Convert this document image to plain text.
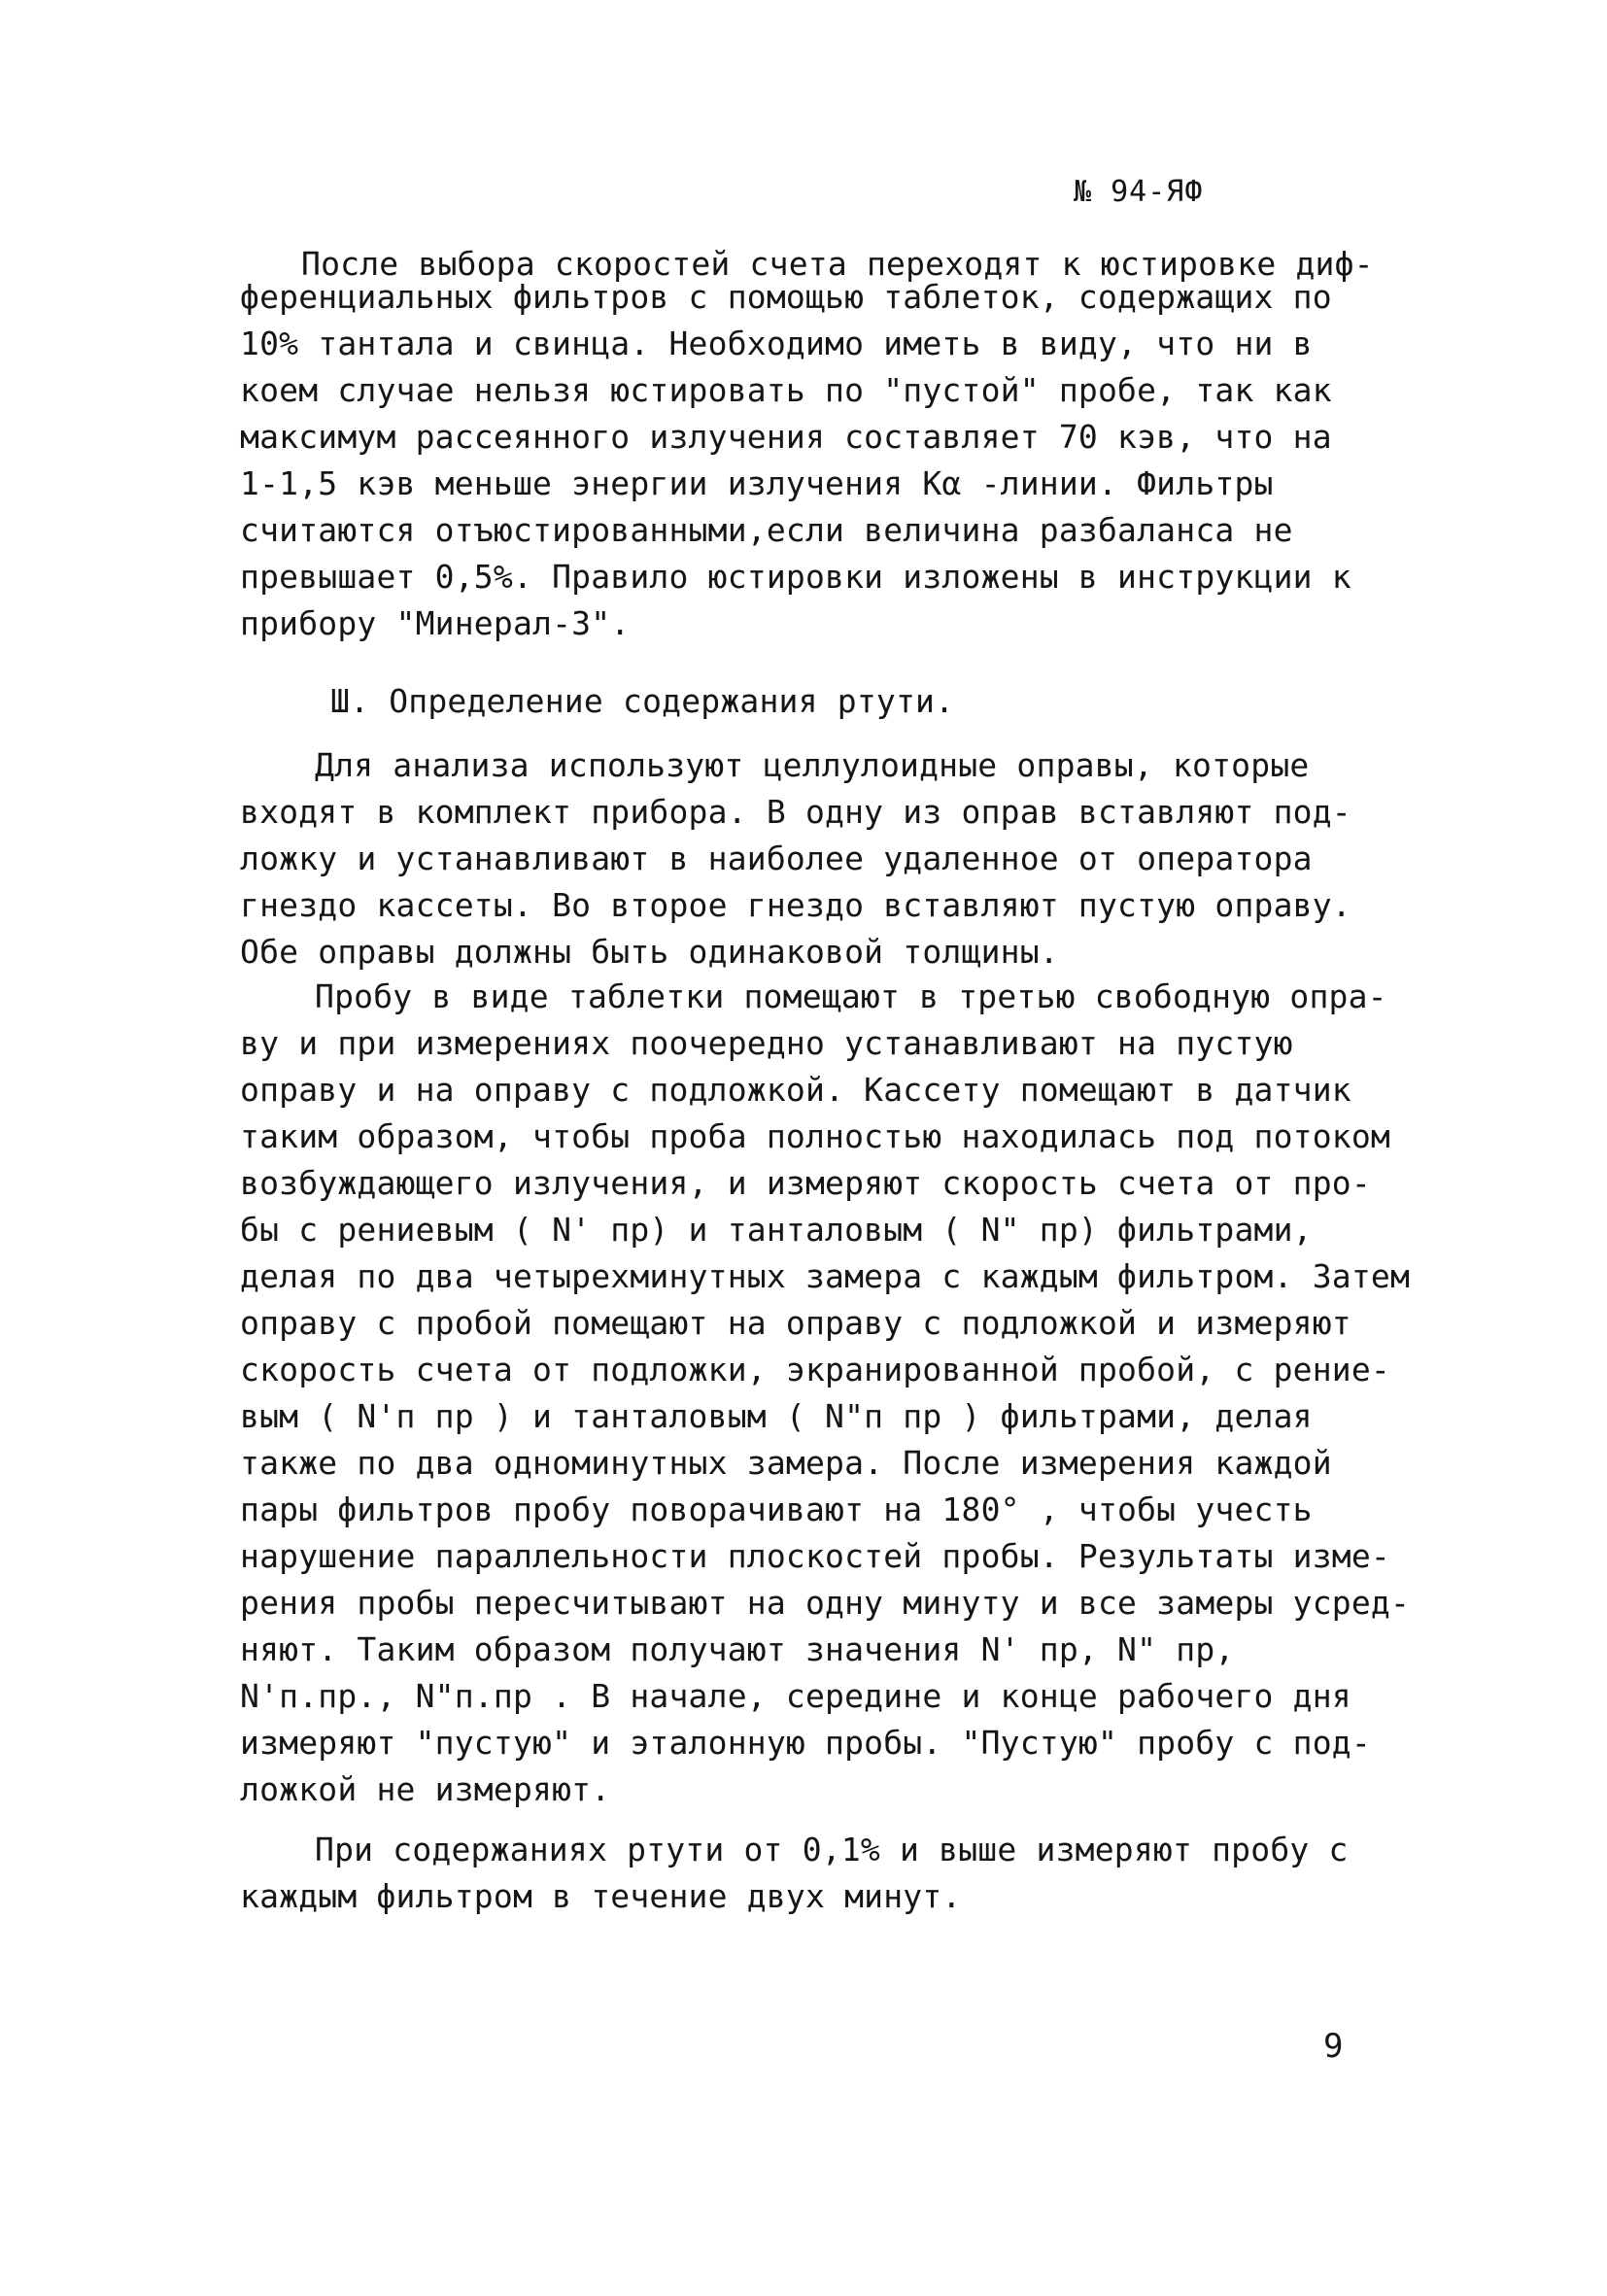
№ 94-ЯФ
После выбора скоростей счета переходят к юстировке диф-
ференциальных фильтров с помощью таблеток, содержащих по
10% тантала и свинца. Необходимо иметь в виду, что ни в
коем случае нельзя юстировать по "пустой" пробе, так как
максимум рассеянного излучения составляет 70 кэв, что на
1-1,5 кэв меньше энергии излучения Kα -линии. Фильтры
считаются отъюстированными,если величина разбаланса не
превышает 0,5%. Правило юстировки изложены в инструкции к
прибору "Минерал-3".
Ш. Определение содержания ртути.
Для анализа используют целлулоидные оправы, которые
входят в комплект прибора. В одну из оправ вставляют под-
ложку и устанавливают в наиболее удаленное от оператора
гнездо кассеты. Во второе гнездо вставляют пустую оправу.
Обе оправы должны быть одинаковой толщины.
Пробу в виде таблетки помещают в третью свободную опра-
ву и при измерениях поочередно устанавливают на пустую
оправу и на оправу с подложкой. Кассету помещают в датчик
таким образом, чтобы проба полностью находилась под потоком
возбуждающего излучения, и измеряют скорость счета от про-
бы с рениевым ( N' пр) и танталовым ( N" пр) фильтрами,
делая по два четырехминутных замера с каждым фильтром. Затем
оправу с пробой помещают на оправу с подложкой и измеряют
скорость счета от подложки, экранированной пробой, с рение-
вым ( N'п пр ) и танталовым ( N"п пр ) фильтрами, делая
также по два одноминутных замера. После измерения каждой
пары фильтров пробу поворачивают на 180° , чтобы учесть
нарушение параллельности плоскостей пробы. Результаты изме-
рения пробы пересчитывают на одну минуту и все замеры усред-
няют. Таким образом получают значения N' пр, N" пр,
N'п.пр., N"п.пр . В начале, середине и конце рабочего дня
измеряют "пустую" и эталонную пробы. "Пустую" пробу с под-
ложкой не измеряют.
При содержаниях ртути от 0,1% и выше измеряют пробу с
каждым фильтром в течение двух минут.
9
